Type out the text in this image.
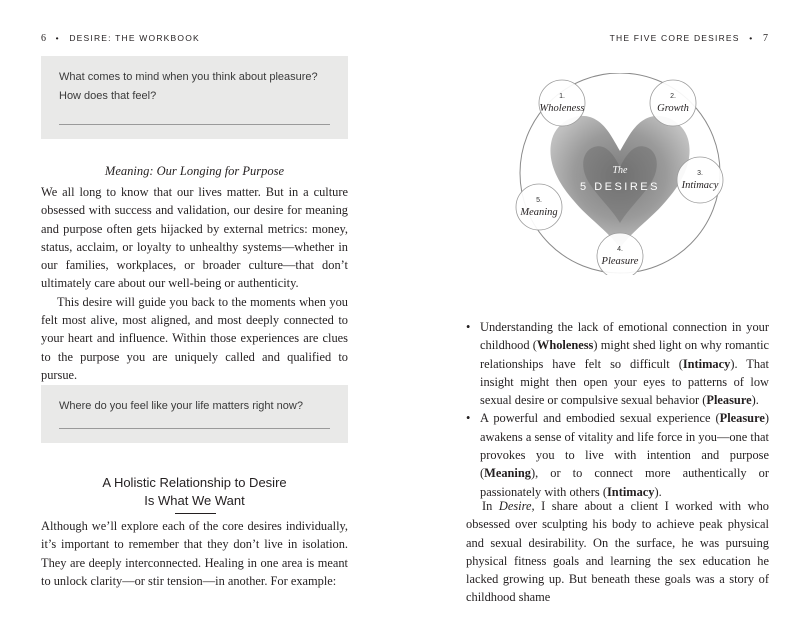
6 • DESIRE: THE WORKBOOK
What comes to mind when you think about pleasure?
How does that feel?
Meaning: Our Longing for Purpose

We all long to know that our lives matter. But in a culture obsessed with success and validation, our desire for meaning and purpose often gets hijacked by external metrics: money, status, acclaim, or loyalty to unhealthy systems—whether in our families, workplaces, or broader culture—that don’t ultimately care about our well-being or authenticity.

This desire will guide you back to the moments when you felt most alive, most aligned, and most deeply connected to your heart and influence. Within those experiences are clues to the purpose you are uniquely called and qualified to pursue.

Where do you feel like your life matters right now?
A Holistic Relationship to Desire
Is What We Want

Although we’ll explore each of the core desires individually, it’s important to remember that they don’t live in isolation. They are deeply interconnected. Healing in one area is meant to unlock clarity—or stir tension—in another. For example:

THE FIVE CORE DESIRES • 7
The
5 DESIRES
1.
Wholeness
2.
Growth
3.
Intimacy
4.
Pleasure
5.
Meaning
• Understanding the lack of emotional connection in your childhood (Wholeness) might shed light on why romantic relationships have felt so difficult (Intimacy). That insight might then open your eyes to patterns of low sexual desire or compulsive sexual behavior (Pleasure).
• A powerful and embodied sexual experience (Pleasure) awakens a sense of vitality and life force in you—one that provokes you to live with intention and purpose (Meaning), or to connect more authentically or passionately with others (Intimacy).

In Desire, I share about a client I worked with who obsessed over sculpting his body to achieve peak physical and sexual desirability. On the surface, he was pursuing physical fitness goals and learning the sex education he lacked growing up. But beneath these goals was a story of childhood shame
